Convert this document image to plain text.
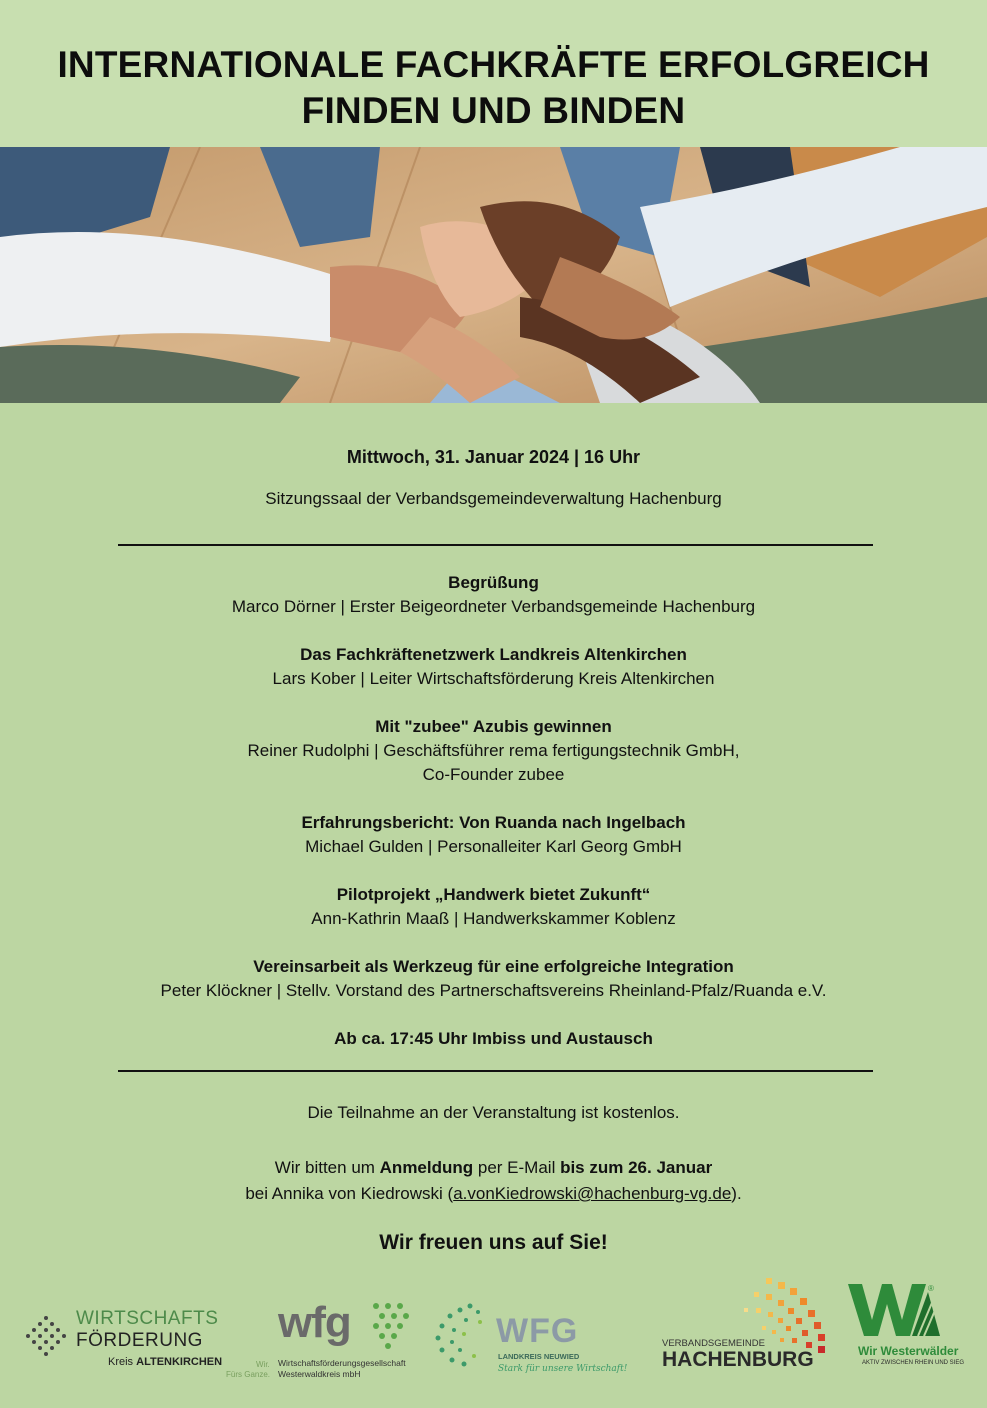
INTERNATIONALE FACHKRÄFTE ERFOLGREICH
FINDEN UND BINDEN
Mittwoch, 31. Januar 2024 | 16 Uhr
Sitzungssaal der Verbandsgemeindeverwaltung Hachenburg
Begrüßung
Marco Dörner | Erster Beigeordneter Verbandsgemeinde Hachenburg
Das Fachkräftenetzwerk Landkreis Altenkirchen
Lars Kober | Leiter Wirtschaftsförderung Kreis Altenkirchen
Mit "zubee" Azubis gewinnen
Reiner Rudolphi | Geschäftsführer rema fertigungstechnik GmbH,
Co-Founder zubee
Erfahrungsbericht: Von Ruanda nach Ingelbach
Michael Gulden | Personalleiter Karl Georg GmbH
Pilotprojekt „Handwerk bietet Zukunft“
Ann-Kathrin Maaß | Handwerkskammer Koblenz
Vereinsarbeit als Werkzeug für eine erfolgreiche Integration
Peter Klöckner | Stellv. Vorstand des Partnerschaftsvereins Rheinland-Pfalz/Ruanda e.V.
Ab ca. 17:45 Uhr Imbiss und Austausch
Die Teilnahme an der Veranstaltung ist kostenlos.
Wir bitten um Anmeldung per E-Mail bis zum 26. Januar
bei Annika von Kiedrowski (a.vonKiedrowski@hachenburg-vg.de).
Wir freuen uns auf Sie!
WIRTSCHAFTS
FÖRDERUNG
Kreis ALTENKIRCHEN
wfg
Wir.
Fürs Ganze.
Wirtschaftsförderungsgesellschaft
Westerwaldkreis mbH
WFG
LANDKREIS NEUWIED
Stark für unsere Wirtschaft!
VERBANDSGEMEINDE
HACHENBURG
®
Wir Westerwälder
AKTIV ZWISCHEN RHEIN UND SIEG
